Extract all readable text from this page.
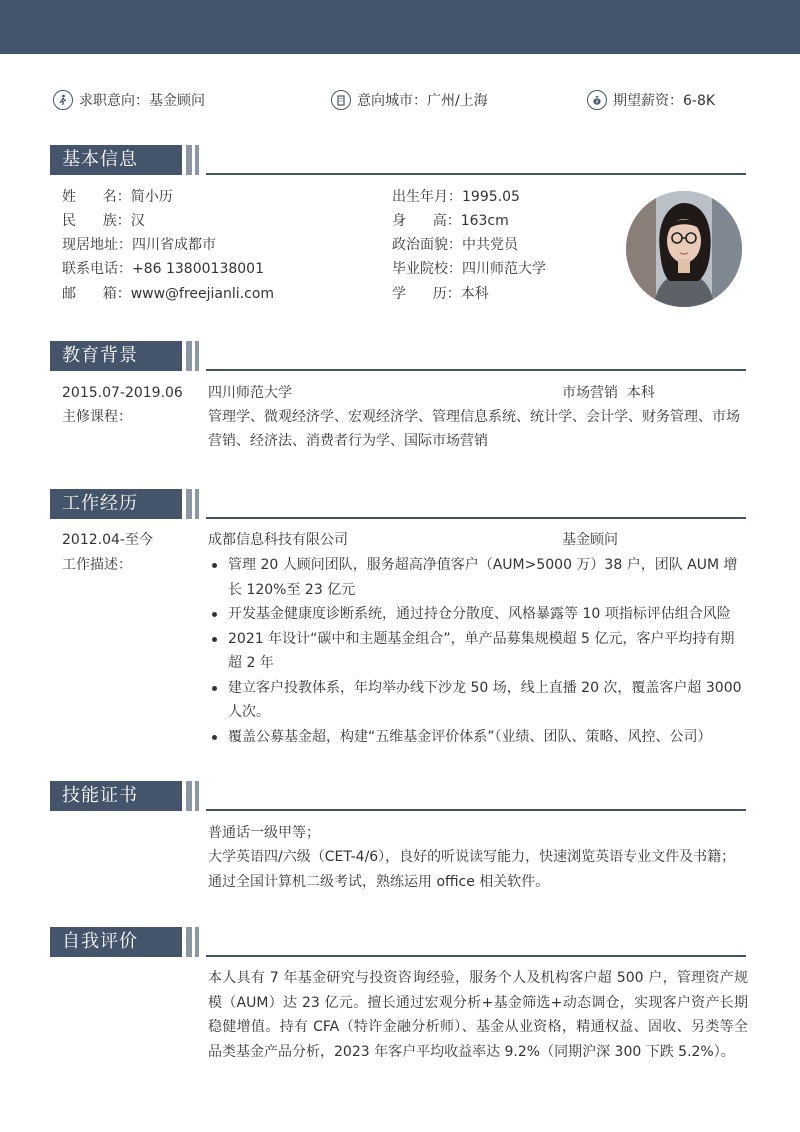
求职意向：基金顾问	意向城市：广州/上海	¥ 期望薪资：6-8K
基本信息
姓      名：简小历
民      族：汉
现居地址：四川省成都市
联系电话：+86 13800138001
邮      箱：www@freejianli.com
出生年月：1995.05
身      高：163cm
政治面貌：中共党员
毕业院校：四川师范大学
学      历：本科
教育背景
2015.07-2019.06 四川师范大学	市场营销  本科
主修课程：	管理学、微观经济学、宏观经济学、管理信息系统、统计学、会计学、财务管理、市场
营销、经济法、消费者行为学、国际市场营销
工作经历
2012.04-至今	成都信息科技有限公司	基金顾问
工作描述：	管理 20 人顾问团队，服务超高净值客户（AUM>5000 万）38 户，团队 AUM 增长 120%至 23 亿元
开发基金健康度诊断系统，通过持仓分散度、风格暴露等 10 项指标评估组合风险
2021 年设计“碳中和主题基金组合”，单产品募集规模超 5 亿元，客户平均持有期超 2 年
建立客户投教体系，年均举办线下沙龙 50 场，线上直播 20 次，覆盖客户超 3000 人次。
覆盖公募基金超，构建“五维基金评价体系”（业绩、团队、策略、风控、公司）
技能证书
普通话一级甲等；
大学英语四/六级（CET-4/6），良好的听说读写能力，快速浏览英语专业文件及书籍；
通过全国计算机二级考试，熟练运用 office 相关软件。
自我评价
本人具有 7 年基金研究与投资咨询经验，服务个人及机构客户超 500 户，管理资产规模（AUM）达 23 亿元。擅长通过宏观分析+基金筛选+动态调仓，实现客户资产长期稳健增值。持有 CFA（特许金融分析师）、基金从业资格，精通权益、固收、另类等全品类基金产品分析，2023 年客户平均收益率达 9.2%（同期沪深 300 下跌 5.2%）。
